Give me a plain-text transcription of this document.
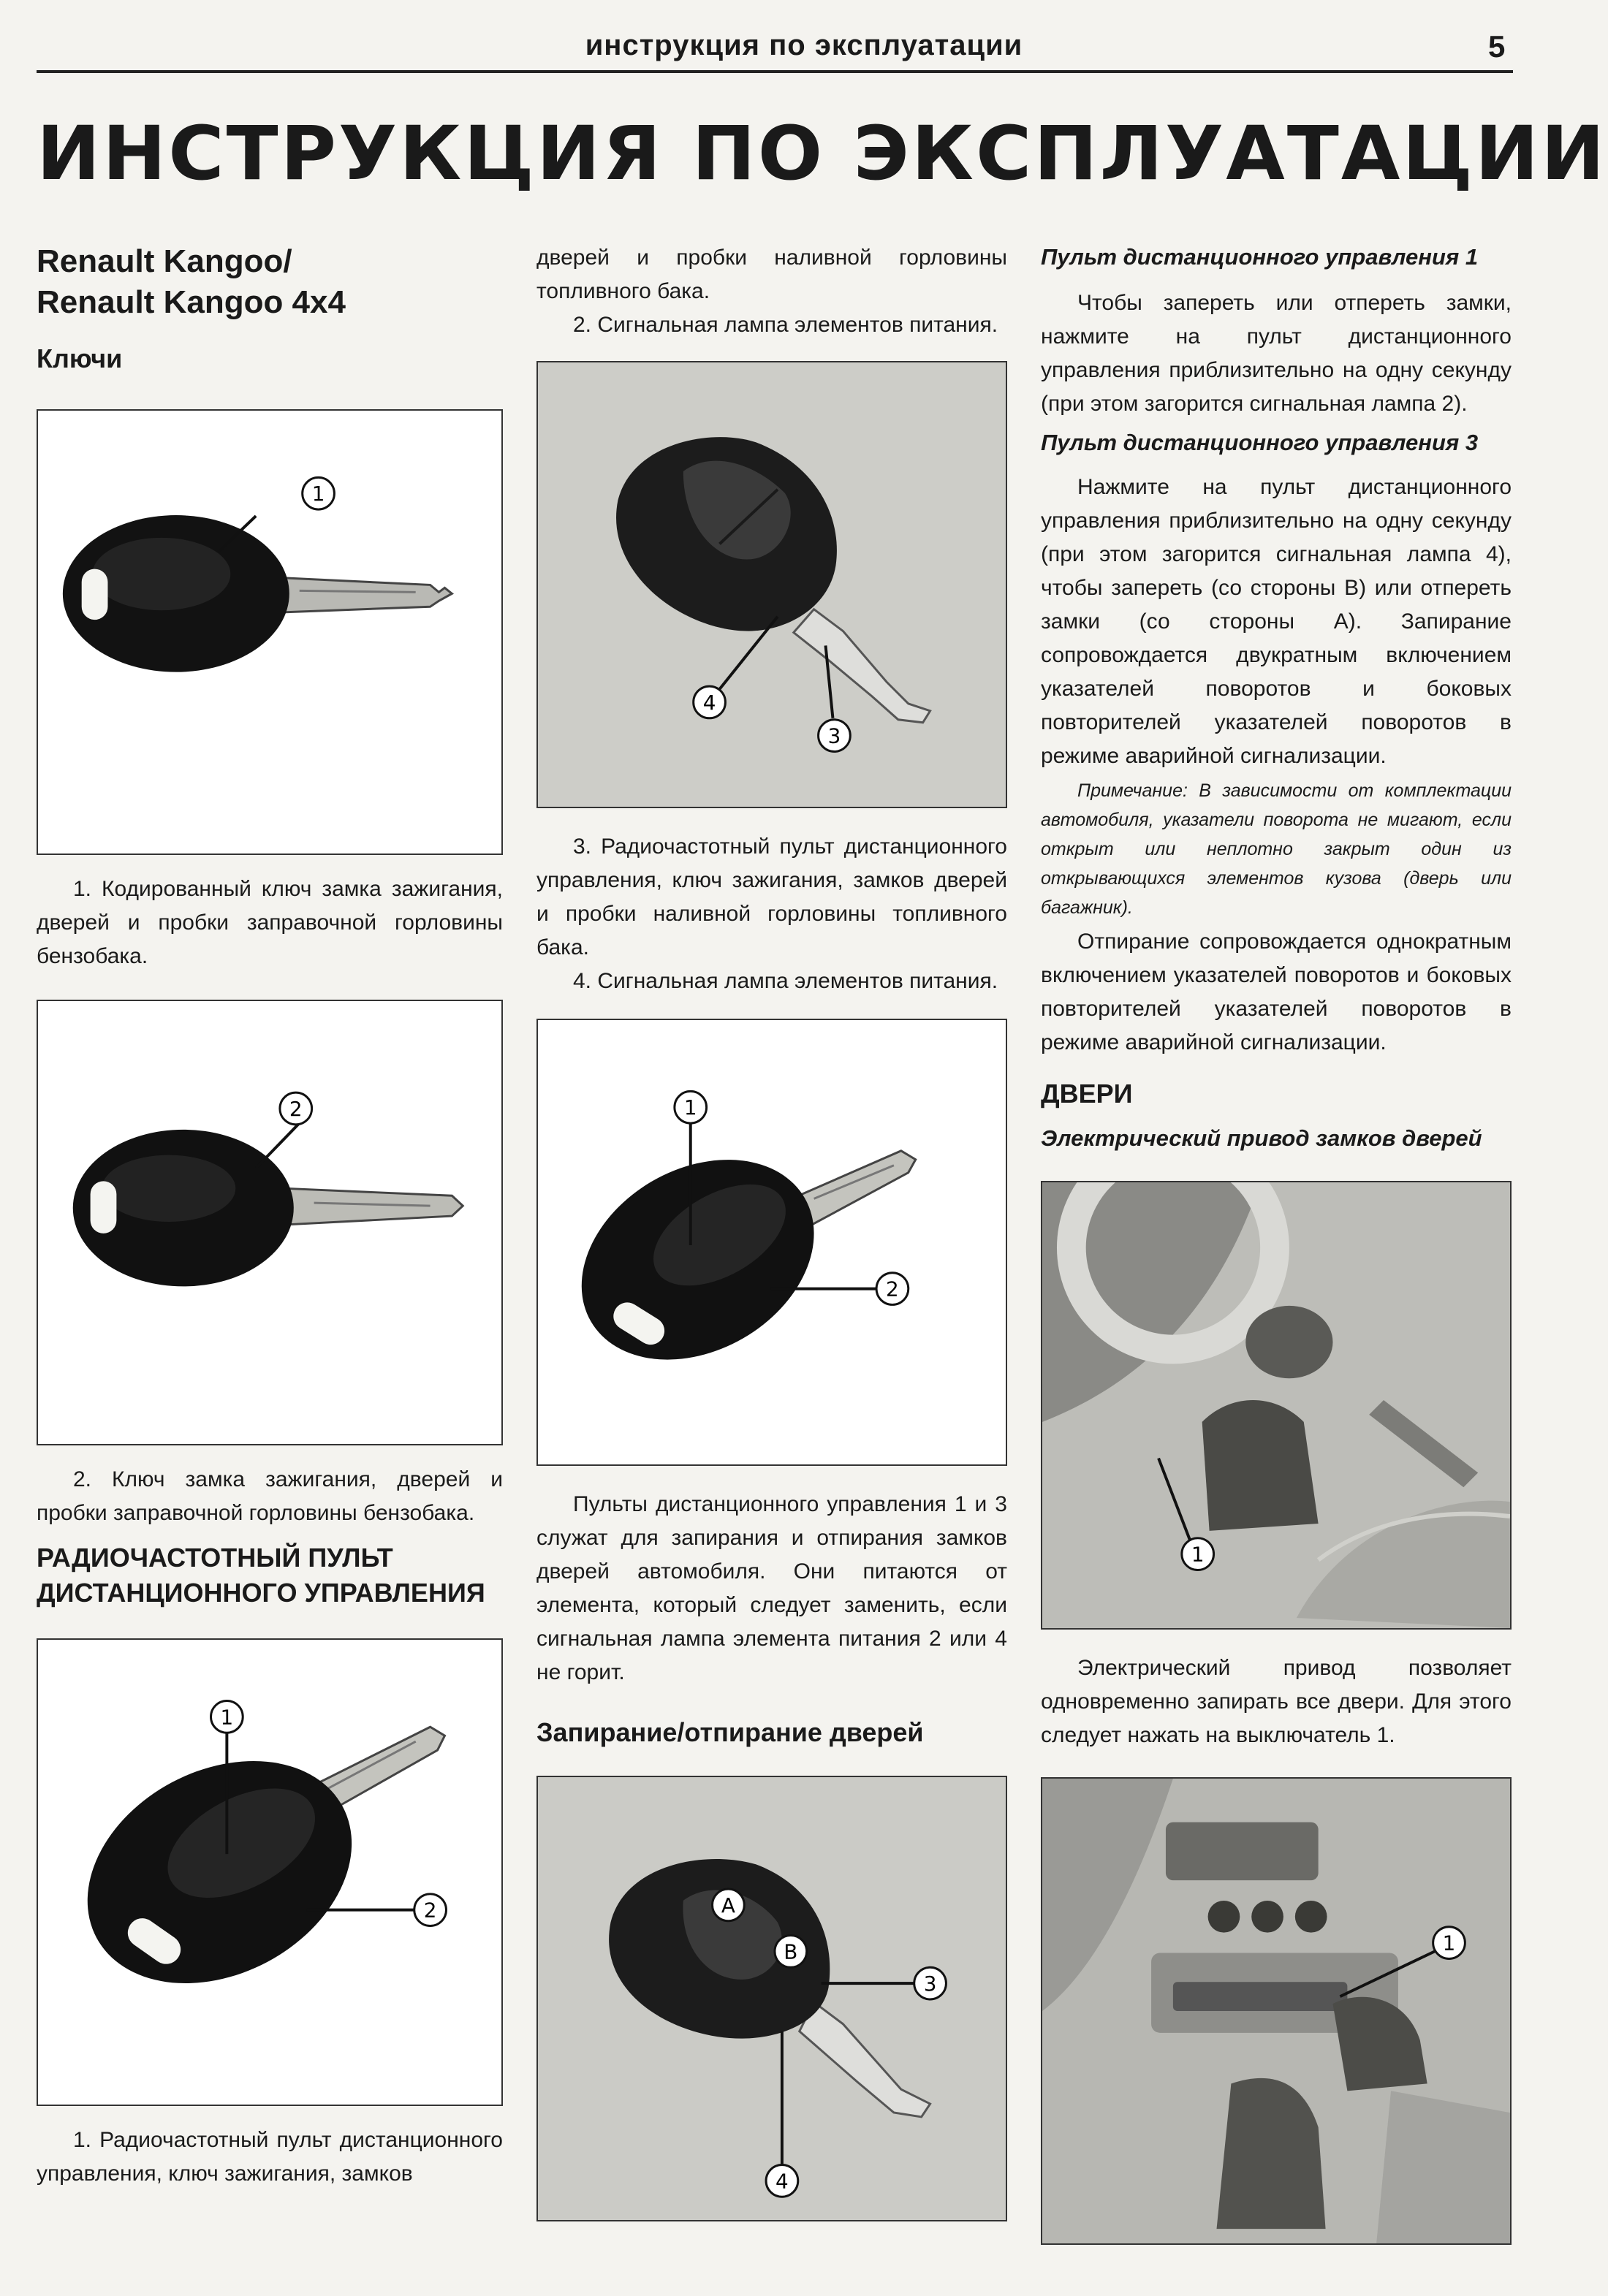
инструкция по эксплуатации	5
ИНСТРУКЦИЯ ПО ЭКСПЛУАТАЦИИ
Renault Kangoo/
Renault Kangoo 4x4
Ключи
1
1. Кодированный ключ замка зажигания, дверей и пробки заправочной горловины бензобака.
2
2. Ключ замка зажигания, дверей и пробки заправочной горловины бензобака.
РАДИОЧАСТОТНЫЙ ПУЛЬТ ДИСТАНЦИОННОГО УПРАВЛЕНИЯ
1
2
1. Радиочастотный пульт дистанционного управления, ключ зажигания, замков
дверей и пробки наливной горловины топливного бака.
2. Сигнальная лампа элементов питания.
4
3
3. Радиочастотный пульт дистанционного управления, ключ зажигания, замков дверей и пробки наливной горловины топливного бака.
4. Сигнальная лампа элементов питания.
1
2
Пульты дистанционного управления 1 и 3 служат для запирания и отпирания замков дверей автомобиля. Они питаются от элемента, который следует заменить, если сигнальная лампа элемента питания 2 или 4 не горит.
Запирание/отпирание дверей
A
B
3
4
Пульт дистанционного управления 1
Чтобы запереть или отпереть замки, нажмите на пульт дистанционного управления приблизительно на одну секунду (при этом загорится сигнальная лампа 2).
Пульт дистанционного управления 3
Нажмите на пульт дистанционного управления приблизительно на одну секунду (при этом загорится сигнальная лампа 4), чтобы запереть (со стороны B) или отпереть замки (со стороны A). Запирание сопровождается двукратным включением указателей поворотов и боковых повторителей указателей поворотов в режиме аварийной сигнализации.
Примечание: В зависимости от комплектации автомобиля, указатели поворота не мигают, если открыт или неплотно закрыт один из открывающихся элементов кузова (дверь или багажник).
Отпирание сопровождается однократным включением указателей поворотов и боковых повторителей указателей поворотов в режиме аварийной сигнализации.
ДВЕРИ
Электрический привод замков дверей
1
Электрический привод позволяет одновременно запирать все двери. Для этого следует нажать на выключатель 1.
1
